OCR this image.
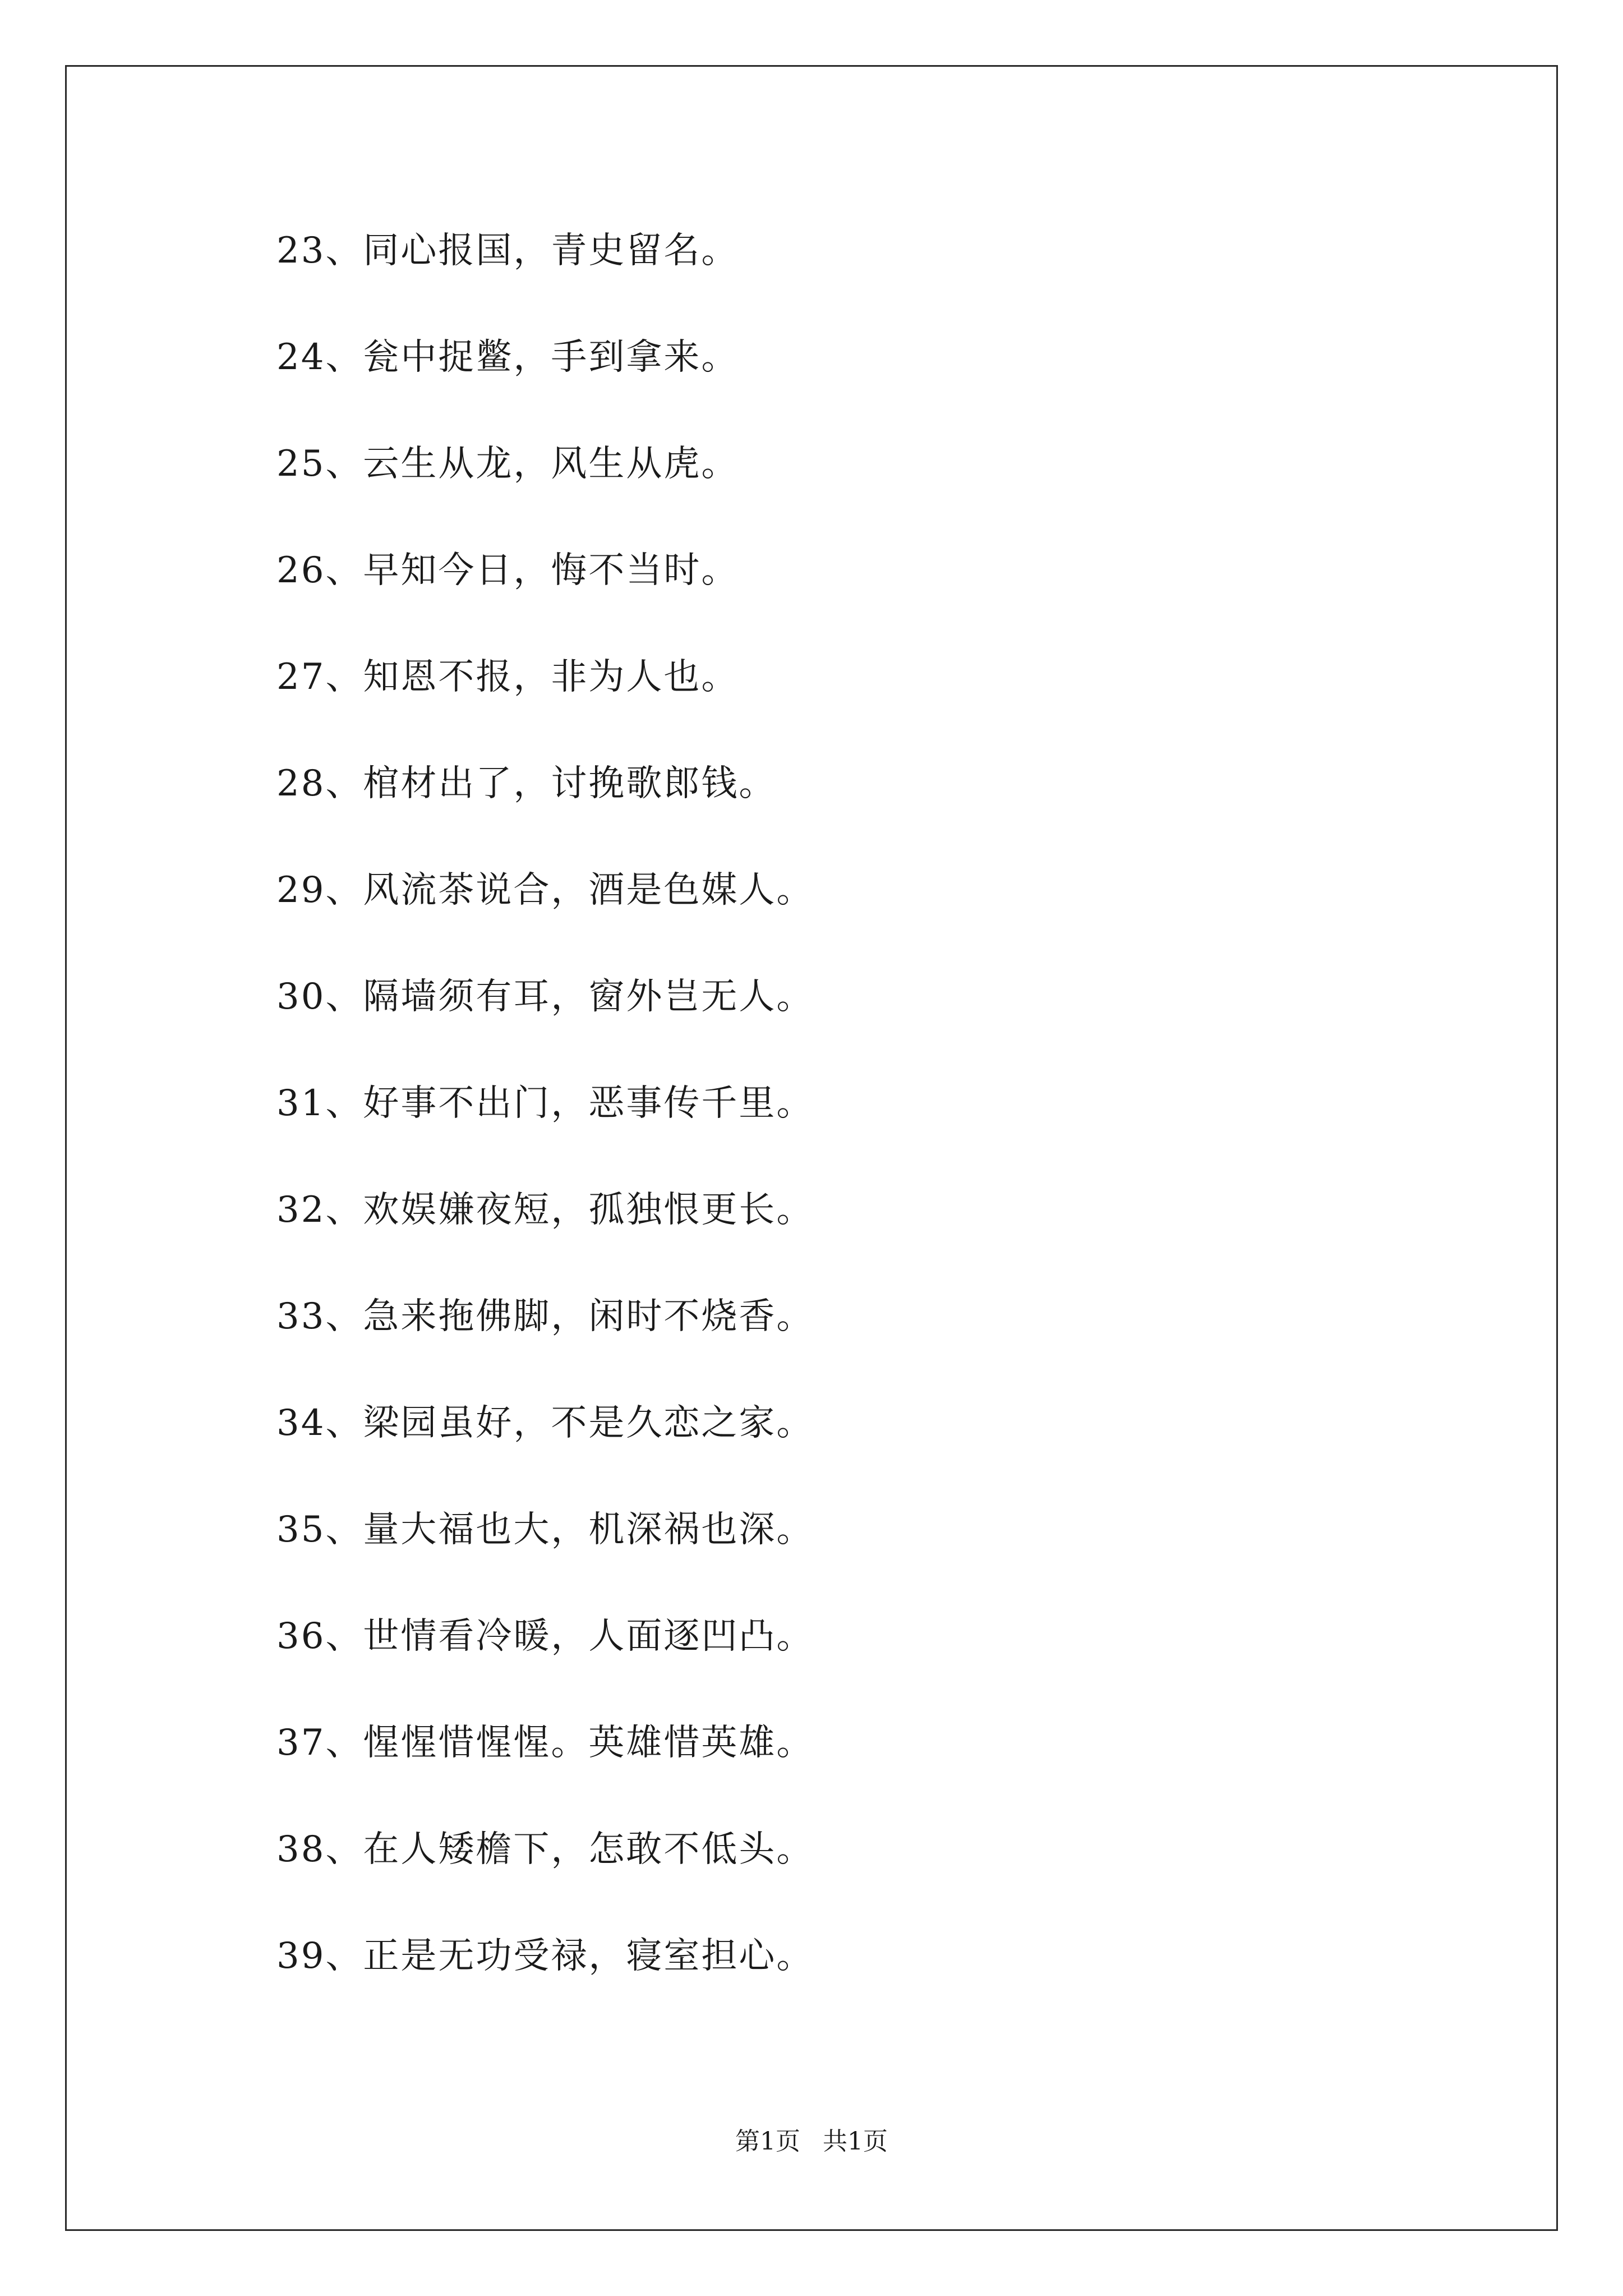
23、同心报国，青史留名。
24、瓮中捉鳖，手到拿来。
25、云生从龙，风生从虎。
26、早知今日，悔不当时。
27、知恩不报，非为人也。
28、棺材出了，讨挽歌郎钱。
29、风流茶说合，酒是色媒人。
30、隔墙须有耳，窗外岂无人。
31、好事不出门，恶事传千里。
32、欢娱嫌夜短，孤独恨更长。
33、急来拖佛脚，闲时不烧香。
34、梁园虽好，不是久恋之家。
35、量大福也大，机深祸也深。
36、世情看冷暖，人面逐凹凸。
37、惺惺惜惺惺。英雄惜英雄。
38、在人矮檐下，怎敢不低头。
39、正是无功受禄，寝室担心。
第1页 共1页
